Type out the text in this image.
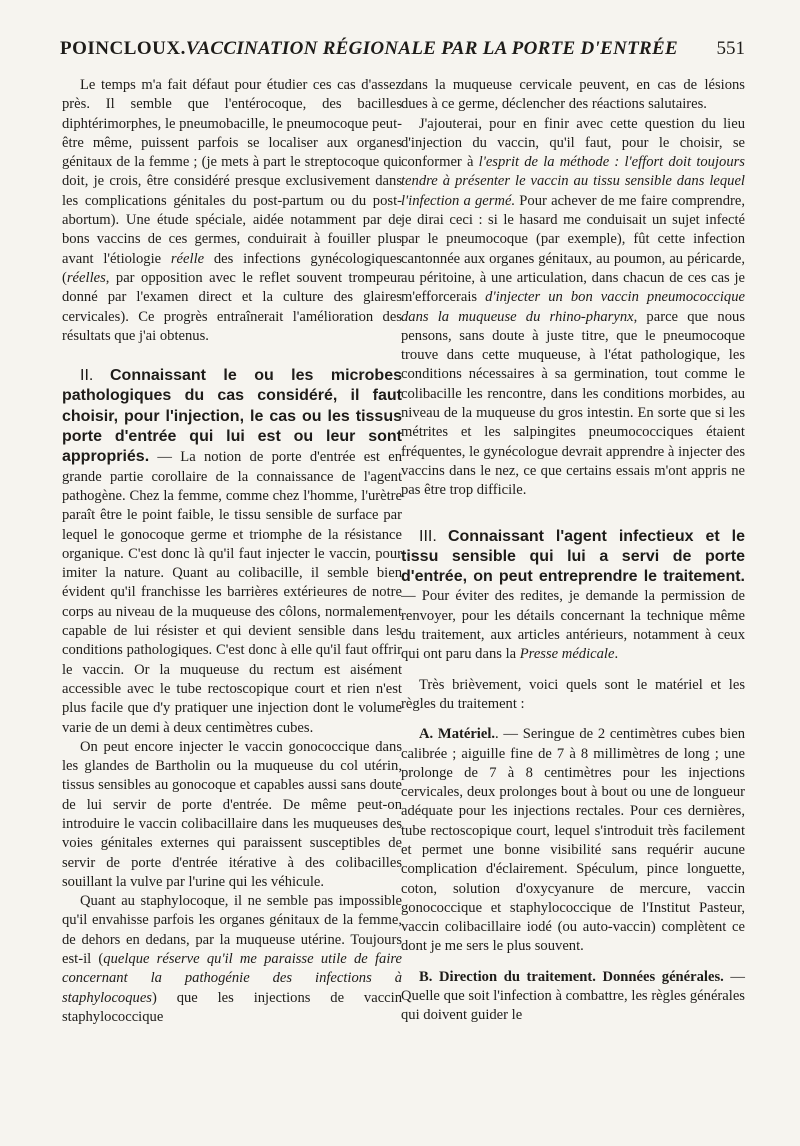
POINCLOUX.VACCINATION RÉGIONALE PAR LA PORTE D'ENTRÉE 551

Le temps m'a fait défaut pour étudier ces cas d'assez près. Il semble que l'entérocoque, des bacilles diphtérimorphes, le pneumobacille, le pneumocoque peut-être même, puissent parfois se localiser aux organes génitaux de la femme ; (je mets à part le streptocoque qui doit, je crois, être considéré presque exclusivement dans les complications génitales du post-partum ou du post-abortum). Une étude spéciale, aidée notamment par de bons vaccins de ces germes, conduirait à fouiller plus avant l'étiologie réelle des infections gynécologiques (réelles, par opposition avec le reflet souvent trompeur donné par l'examen direct et la culture des glaires cervicales). Ce progrès entraînerait l'amélioration des résultats que j'ai obtenus.

II. Connaissant le ou les microbes pathologiques du cas considéré, il faut choisir, pour l'injection, le cas ou les tissus porte d'entrée qui lui est ou leur sont appropriés. — La notion de porte d'entrée est en grande partie corollaire de la connaissance de l'agent pathogène. Chez la femme, comme chez l'homme, l'urètre paraît être le point faible, le tissu sensible de surface par lequel le gonocoque germe et triomphe de la résistance organique. C'est donc là qu'il faut injecter le vaccin, pour imiter la nature. Quant au colibacille, il semble bien évident qu'il franchisse les barrières extérieures de notre corps au niveau de la muqueuse des côlons, normalement capable de lui résister et qui devient sensible dans les conditions pathologiques. C'est donc à elle qu'il faut offrir le vaccin. Or la muqueuse du rectum est aisément accessible avec le tube rectoscopique court et rien n'est plus facile que d'y pratiquer une injection dont le volume varie de un demi à deux centimètres cubes.

On peut encore injecter le vaccin gonococcique dans les glandes de Bartholin ou la muqueuse du col utérin, tissus sensibles au gonocoque et capables aussi sans doute de lui servir de porte d'entrée. De même peut-on introduire le vaccin colibacillaire dans les muqueuses des voies génitales externes qui paraissent susceptibles de servir de porte d'entrée itérative à des colibacilles souillant la vulve par l'urine qui les véhicule.

Quant au staphylocoque, il ne semble pas impossible qu'il envahisse parfois les organes génitaux de la femme, de dehors en dedans, par la muqueuse utérine. Toujours est-il (quelque réserve qu'il me paraisse utile de faire concernant la pathogénie des infections à staphylocoques) que les injections de vaccin staphylococcique

dans la muqueuse cervicale peuvent, en cas de lésions dues à ce germe, déclencher des réactions salutaires.

J'ajouterai, pour en finir avec cette question du lieu d'injection du vaccin, qu'il faut, pour le choisir, se conformer à l'esprit de la méthode : l'effort doit toujours tendre à présenter le vaccin au tissu sensible dans lequel l'infection a germé. Pour achever de me faire comprendre, je dirai ceci : si le hasard me conduisait un sujet infecté par le pneumocoque (par exemple), fût cette infection cantonnée aux organes génitaux, au poumon, au péricarde, au péritoine, à une articulation, dans chacun de ces cas je m'efforcerais d'injecter un bon vaccin pneumococcique dans la muqueuse du rhino-pharynx, parce que nous pensons, sans doute à juste titre, que le pneumocoque trouve dans cette muqueuse, à l'état pathologique, les conditions nécessaires à sa germination, tout comme le colibacille les rencontre, dans les conditions morbides, au niveau de la muqueuse du gros intestin. En sorte que si les métrites et les salpingites pneumococciques étaient fréquentes, le gynécologue devrait apprendre à injecter des vaccins dans le nez, ce que certains essais m'ont appris ne pas être trop difficile.

III. Connaissant l'agent infectieux et le tissu sensible qui lui a servi de porte d'entrée, on peut entreprendre le traitement. — Pour éviter des redites, je demande la permission de renvoyer, pour les détails concernant la technique même du traitement, aux articles antérieurs, notamment à ceux qui ont paru dans la Presse médicale.

Très brièvement, voici quels sont le matériel et les règles du traitement :

A. Matériel.. — Seringue de 2 centimètres cubes bien calibrée ; aiguille fine de 7 à 8 millimètres de long ; une prolonge de 7 à 8 centimètres pour les injections cervicales, deux prolonges bout à bout ou une de longueur adéquate pour les injections rectales. Pour ces dernières, tube rectoscopique court, lequel s'introduit très facilement et permet une bonne visibilité sans requérir aucune complication d'éclairement. Spéculum, pince longuette, coton, solution d'oxycyanure de mercure, vaccin gonococcique et staphylococcique de l'Institut Pasteur, vaccin colibacillaire iodé (ou auto-vaccin) complètent ce dont je me sers le plus souvent.

B. Direction du traitement. Données générales. — Quelle que soit l'infection à combattre, les règles générales qui doivent guider le
